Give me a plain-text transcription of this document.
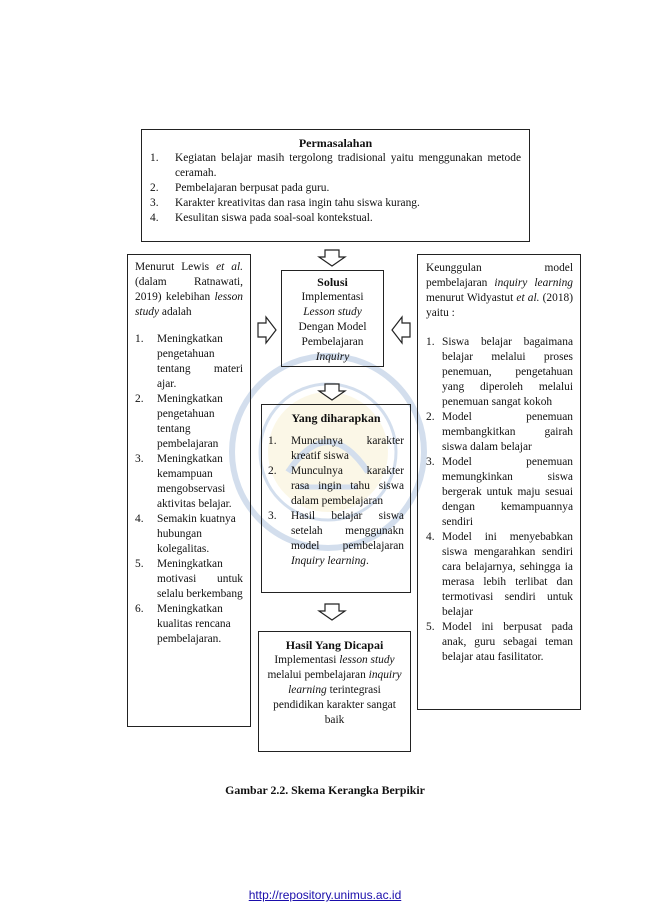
Permasalahan
1. Kegiatan belajar masih tergolong tradisional yaitu menggunakan metode ceramah.
2. Pembelajaran berpusat pada guru.
3. Karakter kreativitas dan rasa ingin tahu siswa kurang.
4. Kesulitan siswa pada soal-soal kontekstual.
Menurut Lewis et al. (dalam Ratnawati, 2019) kelebihan lesson study adalah
1. Meningkatkan pengetahuan tentang materi ajar.
2. Meningkatkan pengetahuan tentang pembelajaran
3. Meningkatkan kemampuan mengobservasi aktivitas belajar.
4. Semakin kuatnya hubungan kolegalitas.
5. Meningkatkan motivasi untuk selalu berkembang
6. Meningkatkan kualitas rencana pembelajaran.
Solusi
Implementasi
Lesson study
Dengan Model
Pembelajaran
Inquiry
Yang diharapkan
1. Munculnya karakter kreatif siswa
2. Munculnya karakter rasa ingin tahu siswa dalam pembelajaran
3. Hasil belajar siswa setelah menggunakn model pembelajaran Inquiry learning.
Hasil Yang Dicapai
Implementasi lesson study melalui pembelajaran inquiry learning terintegrasi pendidikan karakter sangat baik
Keunggulan model pembelajaran inquiry learning menurut Widyastut et al. (2018) yaitu :
1. Siswa belajar bagaimana belajar melalui proses penemuan, pengetahuan yang diperoleh melalui penemuan sangat kokoh
2. Model penemuan membangkitkan gairah siswa dalam belajar
3. Model penemuan memungkinkan siswa bergerak untuk maju sesuai dengan kemampuannya sendiri
4. Model ini menyebabkan siswa mengarahkan sendiri cara belajarnya, sehingga ia merasa lebih terlibat dan termotivasi sendiri untuk belajar
5. Model ini berpusat pada anak, guru sebagai teman belajar atau fasilitator.
Gambar 2.2. Skema Kerangka Berpikir
http://repository.unimus.ac.id
